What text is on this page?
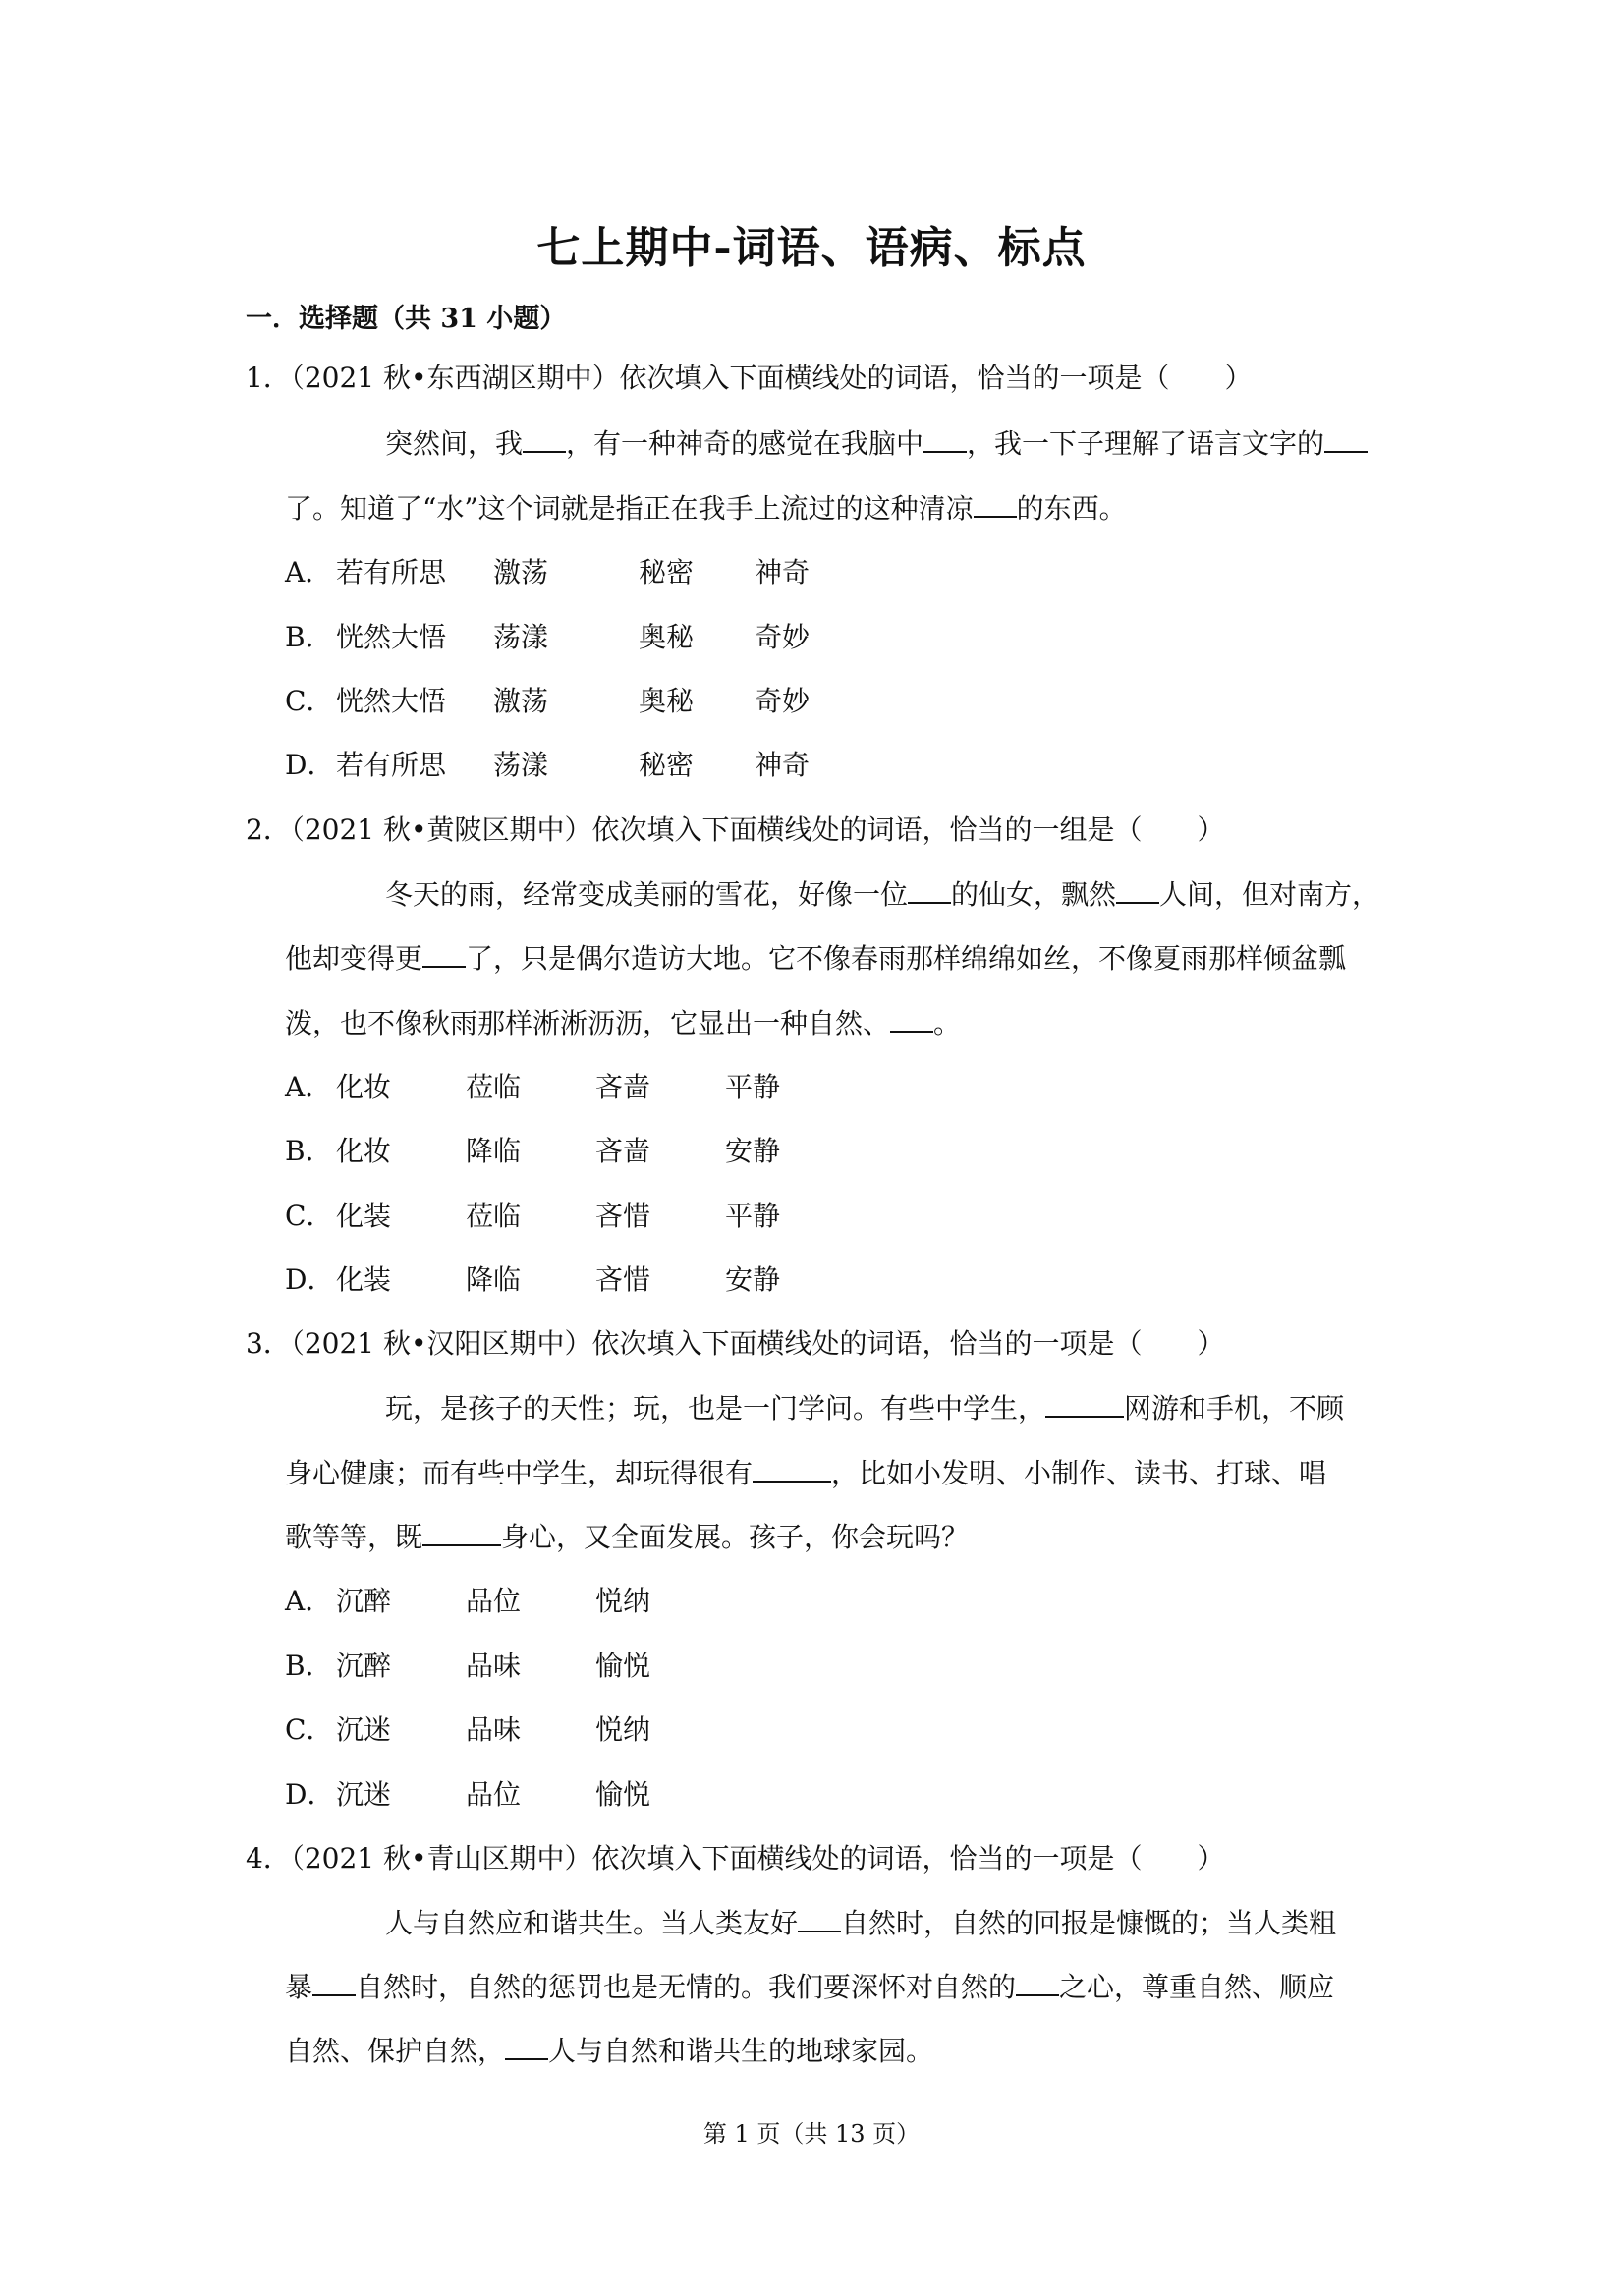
七上期中-词语、语病、标点
一．选择题（共 31 小题）
1．（2021 秋•东西湖区期中）依次填入下面横线处的词语，恰当的一项是（　　）
突然间，我 ，有一种神奇的感觉在我脑中 ，我一下子理解了语言文字的
了。知道了“水”这个词就是指正在我手上流过的这种清凉 的东西。
A． 若有所思 激荡	秘密 神奇
B． 恍然大悟 荡漾	奥秘 奇妙
C．恍然大悟 激荡	奥秘 奇妙
D．若有所思 荡漾	秘密 神奇
2．（2021 秋•黄陂区期中）依次填入下面横线处的词语，恰当的一组是（　　）
冬天的雨，经常变成美丽的雪花，好像一位 的仙女，飘然 人间，但对南方，
他却变得更 了，只是偶尔造访大地。它不像春雨那样绵绵如丝，不像夏雨那样倾盆瓢
泼，也不像秋雨那样淅淅沥沥，它显出一种自然、 。
A． 化妆	莅临	吝啬	平静
B． 化妆	降临	吝啬	安静
C．化装	莅临	吝惜	平静
D．化装	降临	吝惜	安静
3．（2021 秋•汉阳区期中）依次填入下面横线处的词语，恰当的一项是（　　）
玩，是孩子的天性；玩，也是一门学问。有些中学生，	网游和手机，不顾
身心健康；而有些中学生，却玩得很有	，比如小发明、小制作、读书、打球、唱
歌等等，既	身心，又全面发展。孩子，你会玩吗？
A． 沉醉	品位	悦纳
B． 沉醉	品味	愉悦
C．沉迷	品味	悦纳
D．沉迷	品位	愉悦
4．（2021 秋•青山区期中）依次填入下面横线处的词语，恰当的一项是（　　）
人与自然应和谐共生。当人类友好 自然时，自然的回报是慷慨的；当人类粗
暴 自然时，自然的惩罚也是无情的。我们要深怀对自然的 之心，尊重自然、顺应
自然、保护自然， 人与自然和谐共生的地球家园。
第 1 页（共 13 页）
